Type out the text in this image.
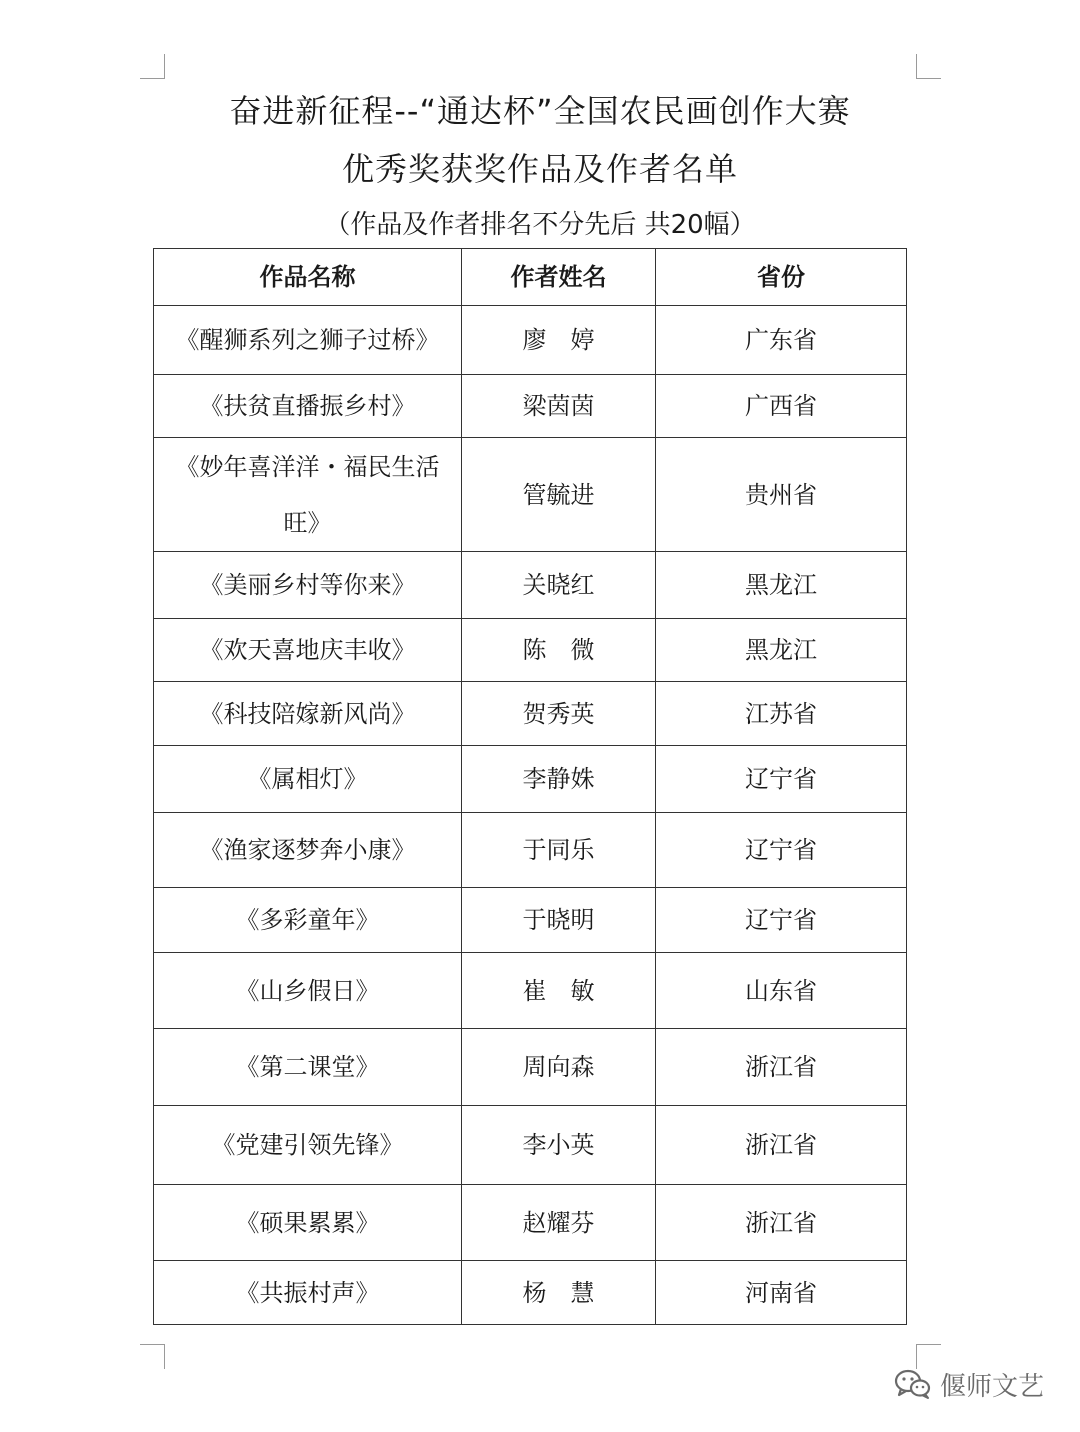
奋进新征程--“通达杯”全国农民画创作大赛
优秀奖获奖作品及作者名单
（作品及作者排名不分先后 共20幅）
作品名称	作者姓名	省份
《醒狮系列之狮子过桥》	廖　婷	广东省
《扶贫直播振乡村》	梁茵茵	广西省
《妙年喜洋洋・福民生活旺》	管毓进	贵州省
《美丽乡村等你来》	关晓红	黑龙江
《欢天喜地庆丰收》	陈　微	黑龙江
《科技陪嫁新风尚》	贺秀英	江苏省
《属相灯》	李静姝	辽宁省
《渔家逐梦奔小康》	于同乐	辽宁省
《多彩童年》	于晓明	辽宁省
《山乡假日》	崔　敏	山东省
《第二课堂》	周向森	浙江省
《党建引领先锋》	李小英	浙江省
《硕果累累》	赵耀芬	浙江省
《共振村声》	杨　慧	河南省
偃师文艺
